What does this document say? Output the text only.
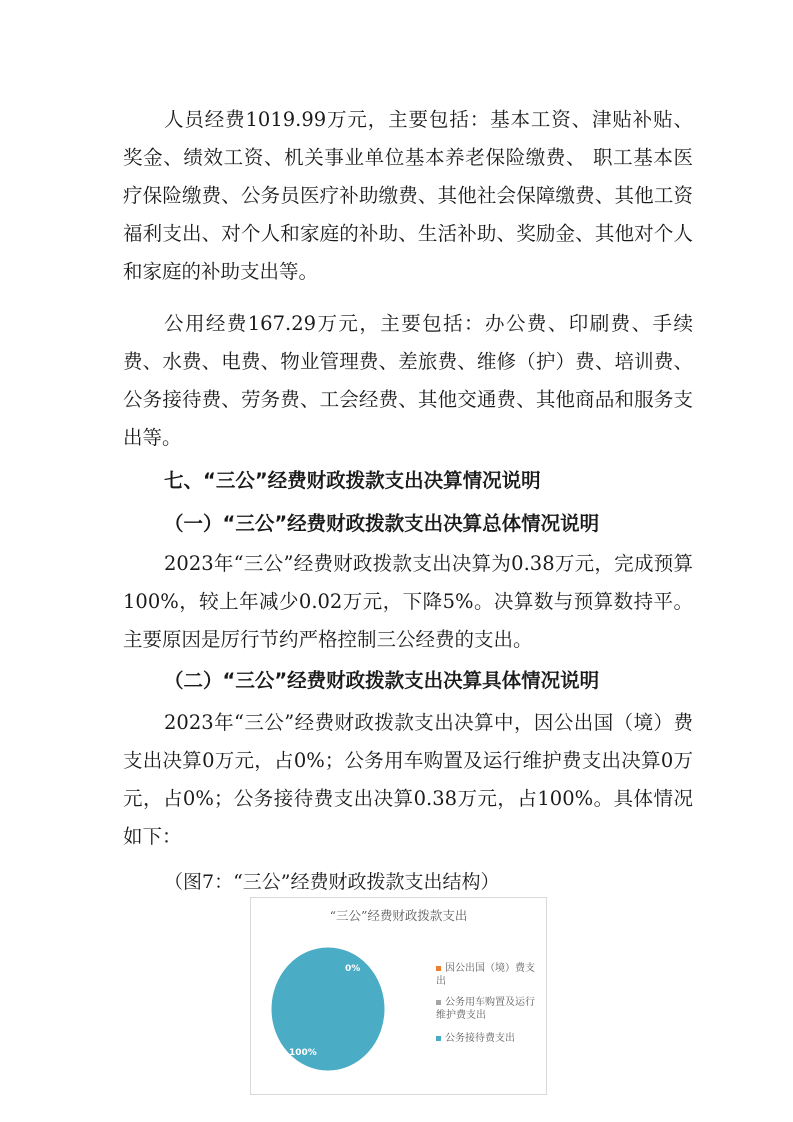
人员经费1019.99万元，主要包括：基本工资、津贴补贴、奖金、绩效工资、机关事业单位基本养老保险缴费、 职工基本医疗保险缴费、公务员医疗补助缴费、其他社会保障缴费、其他工资福利支出、对个人和家庭的补助、生活补助、奖励金、其他对个人和家庭的补助支出等。

公用经费167.29万元，主要包括：办公费、印刷费、手续费、水费、电费、物业管理费、差旅费、维修（护）费、培训费、公务接待费、劳务费、工会经费、其他交通费、其他商品和服务支出等。

七、“三公”经费财政拨款支出决算情况说明

（一）“三公”经费财政拨款支出决算总体情况说明

2023年“三公”经费财政拨款支出决算为0.38万元，完成预算100%，较上年减少0.02万元，下降5%。决算数与预算数持平。主要原因是厉行节约严格控制三公经费的支出。

（二）“三公”经费财政拨款支出决算具体情况说明

2023年“三公”经费财政拨款支出决算中，因公出国（境）费支出决算0万元，占0%；公务用车购置及运行维护费支出决算0万元，占0%；公务接待费支出决算0.38万元，占100%。具体情况如下：

（图7：“三公”经费财政拨款支出结构）

“三公”经费财政拨款支出
0%
100%
因公出国（境）费支出
公务用车购置及运行维护费支出
公务接待费支出
